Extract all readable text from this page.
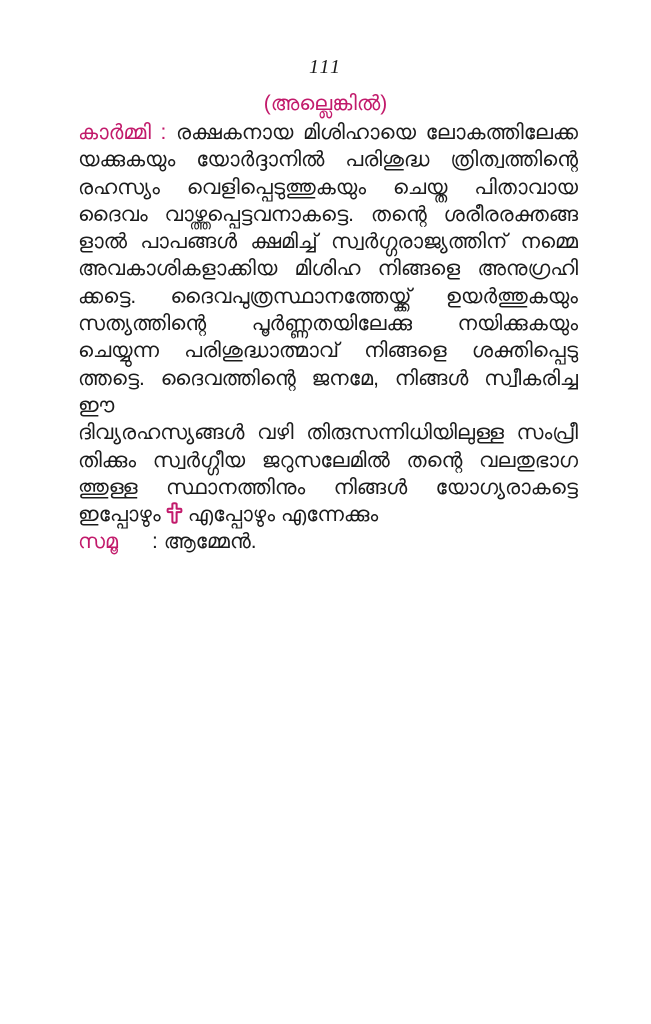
111
(അല്ലെങ്കിൽ)
കാർമ്മി : രക്ഷകനായ മിശിഹായെ ലോകത്തിലേക്ക
യക്കുകയും യോർദ്ദാനിൽ പരിശുദ്ധ ത്രിത്വത്തിന്റെ
രഹസ്യം വെളിപ്പെടുത്തുകയും ചെയ്ത പിതാവായ
ദൈവം വാഴ്ത്തപ്പെട്ടവനാകട്ടെ. തന്റെ ശരീരരക്തങ്ങ
ളാൽ പാപങ്ങൾ ക്ഷമിച്ച് സ്വർഗ്ഗരാജ്യത്തിന് നമ്മെ
അവകാശികളാക്കിയ മിശിഹ നിങ്ങളെ അനുഗ്രഹി
ക്കട്ടെ. ദൈവപുത്രസ്ഥാനത്തേയ്ക്ക് ഉയർത്തുകയും
സത്യത്തിന്റെ പൂർണ്ണതയിലേക്കു നയിക്കുകയും
ചെയ്യുന്ന പരിശുദ്ധാത്മാവ് നിങ്ങളെ ശക്തിപ്പെടു
ത്തട്ടെ. ദൈവത്തിന്റെ ജനമേ, നിങ്ങൾ സ്വീകരിച്ച ഈ
ദിവ്യരഹസ്യങ്ങൾ വഴി തിരുസന്നിധിയിലുള്ള സംപ്രീ
തിക്കും സ്വർഗ്ഗീയ ജറുസലേമിൽ തന്റെ വലതുഭാഗ
ത്തുള്ള സ്ഥാനത്തിനും നിങ്ങൾ യോഗ്യരാകട്ടെ
ഇപ്പോഴും എപ്പോഴും എന്നേക്കും
സമൂ : ആമ്മേൻ.
